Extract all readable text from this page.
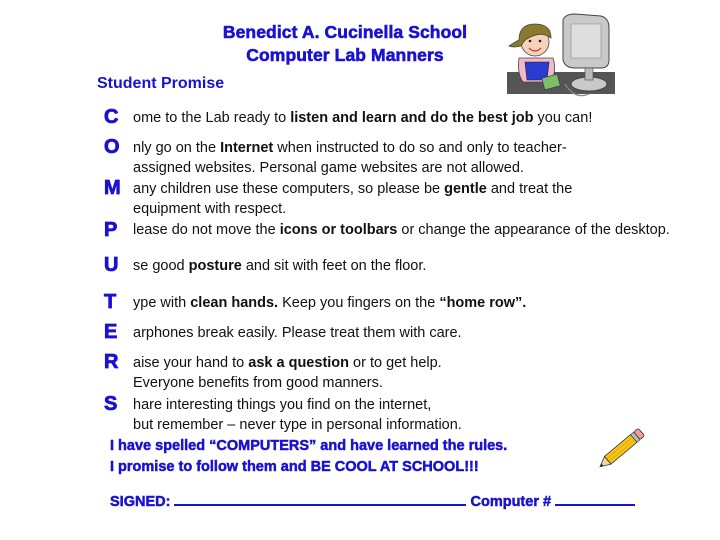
Benedict A. Cucinella School
Computer Lab Manners
Student Promise
C ome to the Lab ready to listen and learn and do the best job you can!
O nly go on the Internet when instructed to do so and only to teacher-assigned websites. Personal game websites are not allowed.
M any children use these computers, so please be gentle and treat the equipment with respect.
P lease do not move the icons or toolbars or change the appearance of the desktop.
U se good posture and sit with feet on the floor.
T ype with clean hands. Keep you fingers on the “home row”.
E arphones break easily. Please treat them with care.
R aise your hand to ask a question or to get help.
Everyone benefits from good manners.
S hare interesting things you find on the internet,
but remember – never type in personal information.
I have spelled “COMPUTERS” and have learned the rules.
I promise to follow them and BE COOL AT SCHOOL!!!
SIGNED:	Computer #
